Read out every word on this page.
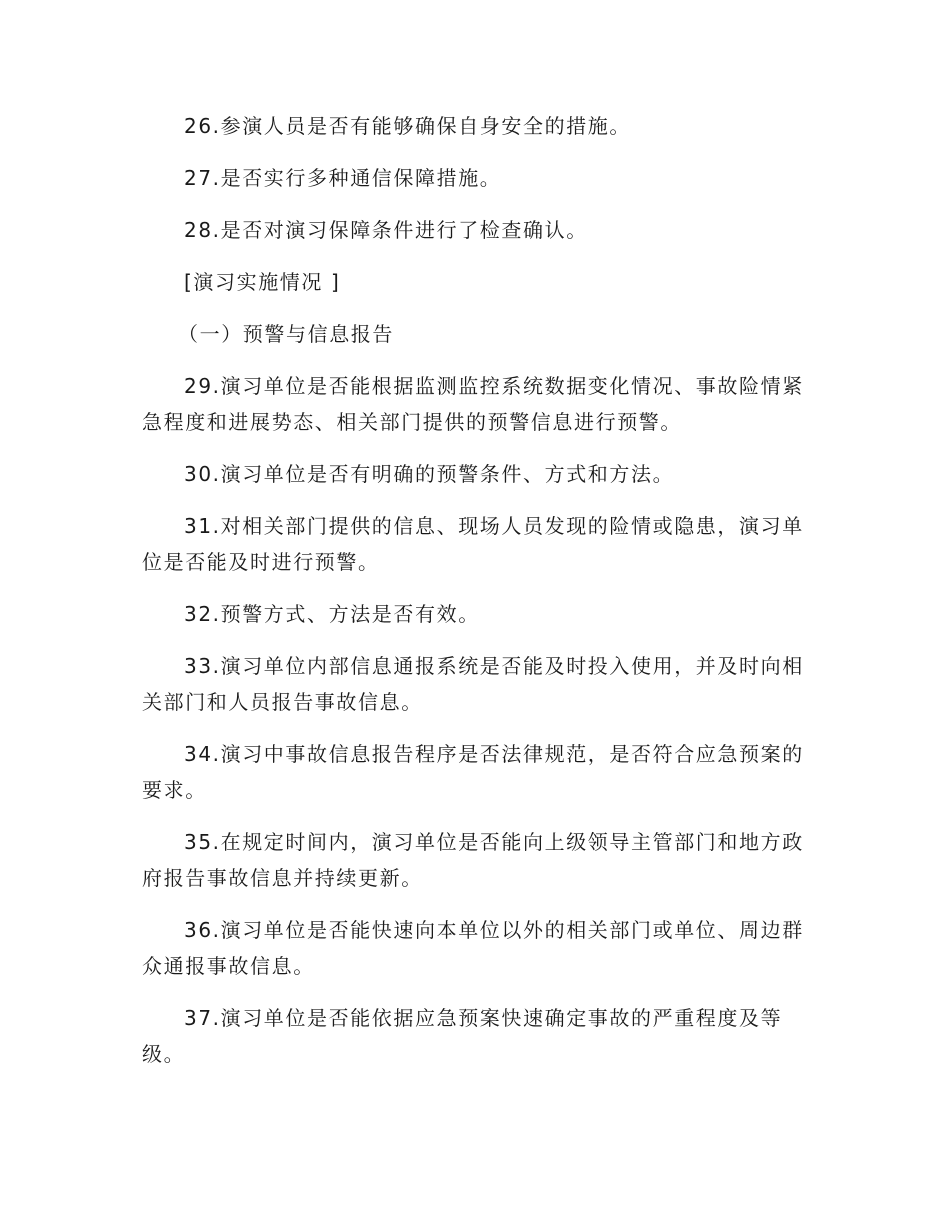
26.参演人员是否有能够确保自身安全的措施。

27.是否实行多种通信保障措施。

28.是否对演习保障条件进行了检查确认。

[演习实施情况 ]

（一）预警与信息报告

29.演习单位是否能根据监测监控系统数据变化情况、事故险情紧急程度和进展势态、相关部门提供的预警信息进行预警。

30.演习单位是否有明确的预警条件、方式和方法。

31.对相关部门提供的信息、现场人员发现的险情或隐患，演习单位是否能及时进行预警。

32.预警方式、方法是否有效。

33.演习单位内部信息通报系统是否能及时投入使用，并及时向相关部门和人员报告事故信息。

34.演习中事故信息报告程序是否法律规范，是否符合应急预案的要求。

35.在规定时间内，演习单位是否能向上级领导主管部门和地方政府报告事故信息并持续更新。

36.演习单位是否能快速向本单位以外的相关部门或单位、周边群众通报事故信息。

37.演习单位是否能依据应急预案快速确定事故的严重程度及等级。
